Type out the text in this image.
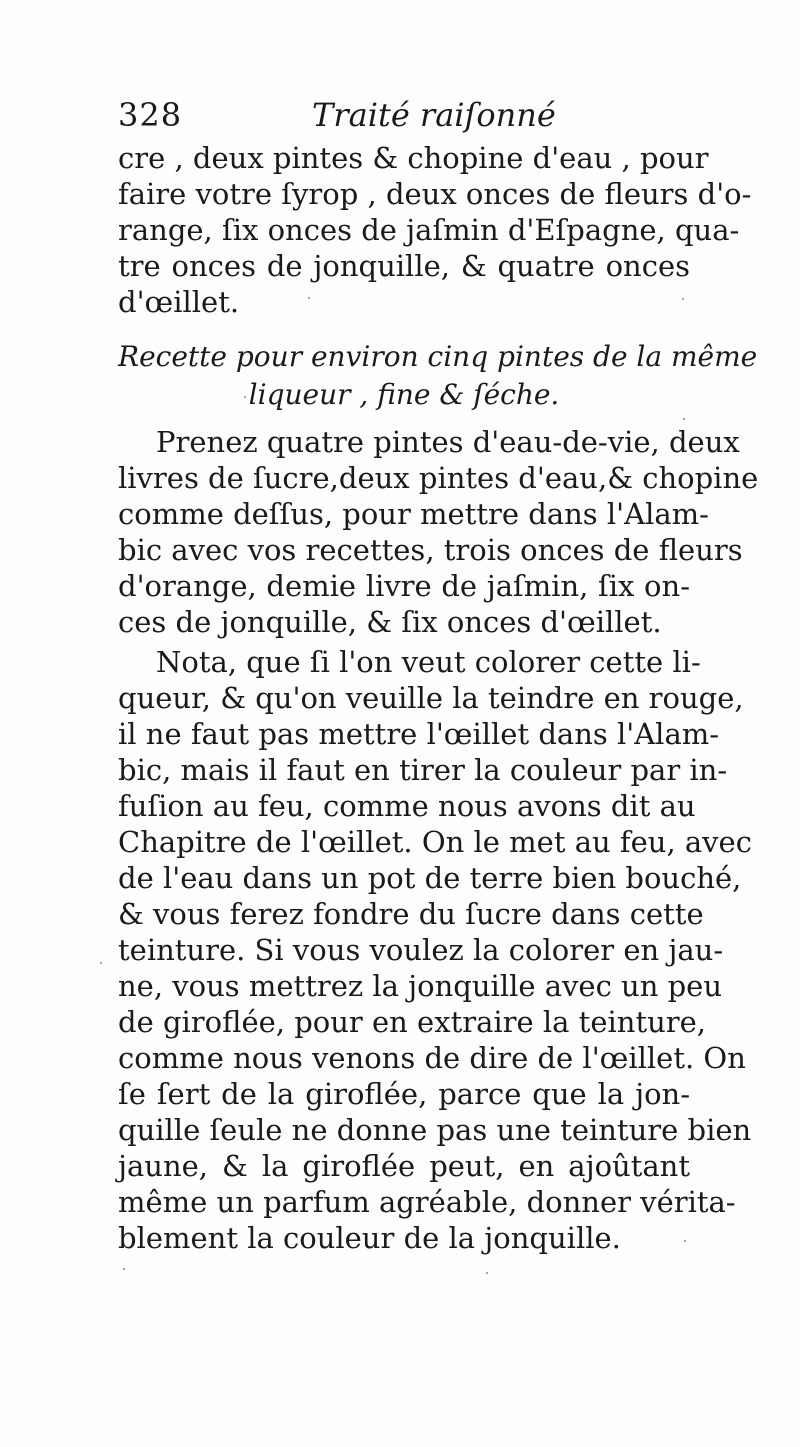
328	Traité raiſonné
cre , deux pintes & chopine d'eau , pour
faire votre ſyrop , deux onces de fleurs d'o-
range, ſix onces de jaſmin d'Eſpagne, qua-
tre onces de jonquille, & quatre onces
d'œillet.
Recette pour environ cinq pintes de la même
liqueur , fine & ſéche.
Prenez quatre pintes d'eau-de-vie, deux
livres de ſucre,deux pintes d'eau,& chopine
comme deſſus, pour mettre dans l'Alam-
bic avec vos recettes, trois onces de fleurs
d'orange, demie livre de jaſmin, ſix on-
ces de jonquille, & ſix onces d'œillet.
Nota, que ſi l'on veut colorer cette li-
queur, & qu'on veuille la teindre en rouge,
il ne faut pas mettre l'œillet dans l'Alam-
bic, mais il faut en tirer la couleur par in-
fuſion au feu, comme nous avons dit au
Chapitre de l'œillet. On le met au feu, avec
de l'eau dans un pot de terre bien bouché,
& vous ferez fondre du ſucre dans cette
teinture. Si vous voulez la colorer en jau-
ne, vous mettrez la jonquille avec un peu
de giroflée, pour en extraire la teinture,
comme nous venons de dire de l'œillet. On
ſe ſert de la giroflée, parce que la jon-
quille ſeule ne donne pas une teinture bien
jaune, & la giroflée peut, en ajoûtant
même un parfum agréable, donner vérita-
blement la couleur de la jonquille.
